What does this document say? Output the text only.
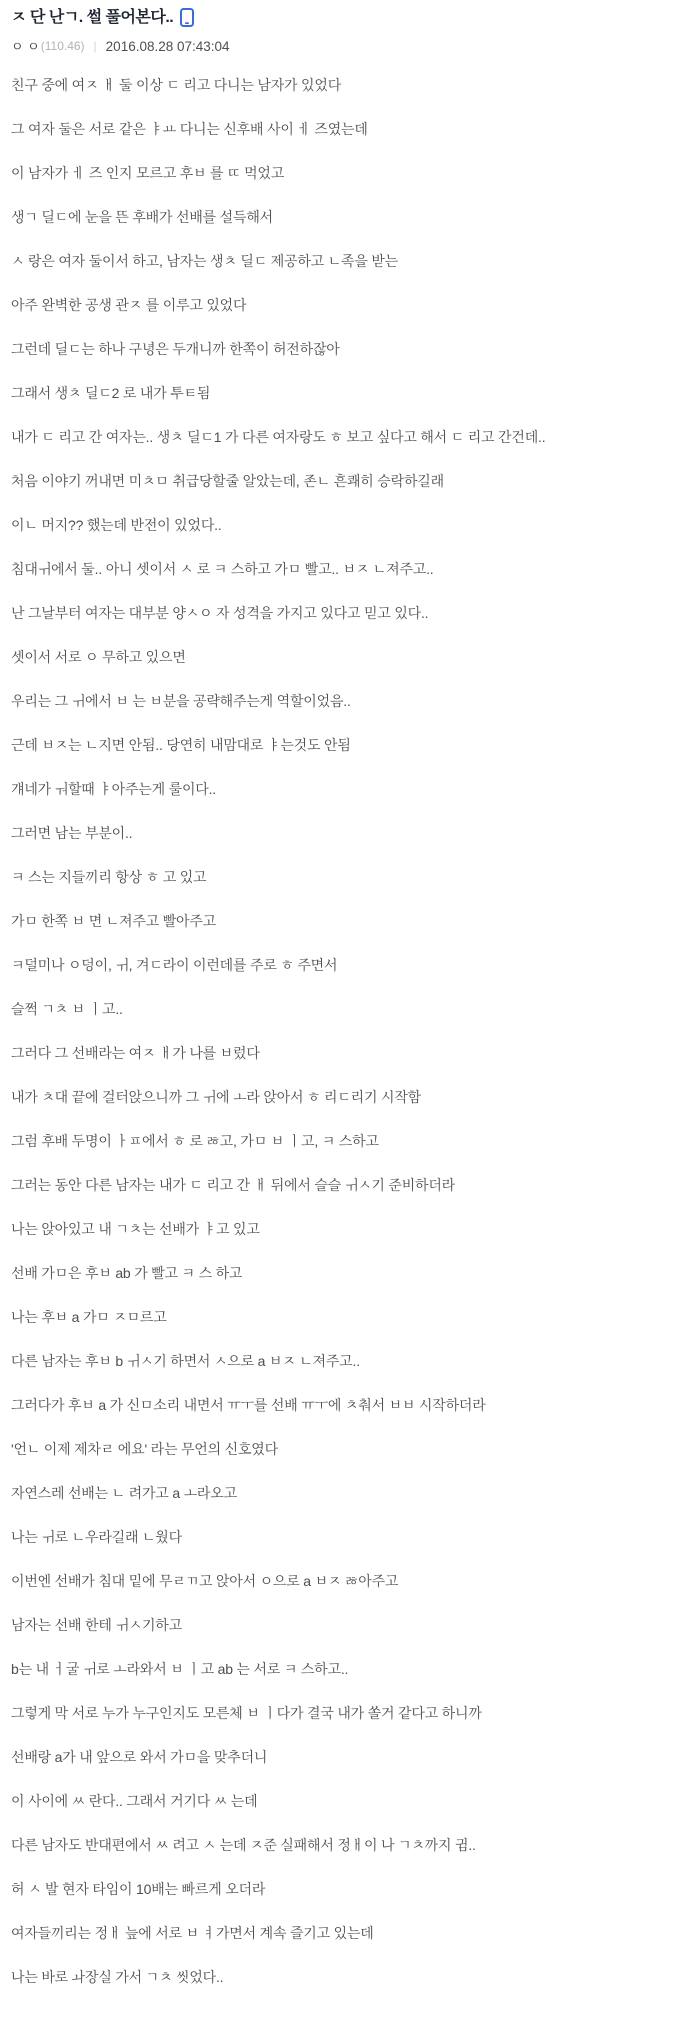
ㅈ 단 난ㄱ. 썰 풀어본다..
ㅇ ㅇ (110.46) | 2016.08.28 07:43:04

친구 중에 여ㅈ ㅐ 둘 이상 ㄷ 리고 다니는 남자가 있었다

그 여자 둘은 서로 같은 ㅑㅛ 다니는 신후배 사이 ㅔ 즈였는데

이 남자가 ㅔ 즈 인지 모르고 후ㅂ 를 ㄸ 먹었고

생ㄱ 딜ㄷ에 눈을 뜬 후배가 선배를 설득해서

ㅅ 랑은 여자 둘이서 하고, 남자는 생ㅊ 딜ㄷ 제공하고 ㄴ족을 받는

아주 완벽한 공생 관ㅈ 를 이루고 있었다

그런데 딜ㄷ는 하나 구녕은 두개니까 한쪽이 허전하잖아

그래서 생ㅊ 딜ㄷ2 로 내가 투ㅌ됨

내가 ㄷ 리고 간 여자는.. 생ㅊ 딜ㄷ1 가 다른 여자랑도 ㅎ 보고 싶다고 해서 ㄷ 리고 간건데..

처음 이야기 꺼내면 미ㅊㅁ 취급당할줄 알았는데, 존ㄴ 흔쾌히 승락하길래

이ㄴ 머지?? 했는데 반전이 있었다..

침대ㅟ에서 둘.. 아니 셋이서 ㅅ 로 ㅋ 스하고 가ㅁ 빨고.. ㅂㅈ ㄴ져주고..

난 그날부터 여자는 대부분 양ㅅㅇ 자 성격을 가지고 있다고 믿고 있다..

셋이서 서로 ㅇ 무하고 있으면

우리는 그 ㅟ에서 ㅂ 는 ㅂ분을 공략해주는게 역할이었음..

근데 ㅂㅈ는 ㄴ지면 안됨.. 당연히 내맘대로 ㅑ는것도 안됨

걔네가 ㅝ할때 ㅑ아주는게 룰이다..

그러면 남는 부분이..

ㅋ 스는 지들끼리 항상 ㅎ 고 있고

가ㅁ 한쪽 ㅂ 면 ㄴ져주고 빨아주고

ㅋ덜미나 ㅇ덩이, ㅟ, 겨ㄷ라이 이런데를 주로 ㅎ 주면서

슬쩍 ㄱㅊ ㅂ ㅣ고..

그러다 그 선배라는 여ㅈ ㅐ가 나를 ㅂ렀다

내가 ㅊ대 끝에 걸터앉으니까 그 ㅟ에 ㅗ라 앉아서 ㅎ 리ㄷ리기 시작함

그럼 후배 두명이 ㅏㅍ에서 ㅎ 로 ㅀ고, 가ㅁ ㅂ ㅣ고, ㅋ 스하고

그러는 동안 다른 남자는 내가 ㄷ 리고 간 ㅐ 뒤에서 슬슬 ㅟㅅ기 준비하더라

나는 앉아있고 내 ㄱㅊ는 선배가 ㅑ고 있고

선배 가ㅁ은 후ㅂ ab 가 빨고 ㅋ 스 하고

나는 후ㅂ a 가ㅁ ㅈㅁ르고

다른 남자는 후ㅂ b ㅟㅅ기 하면서 ㅅ으로 a ㅂㅈ ㄴ져주고..

그러다가 후ㅂ a 가 신ㅁ소리 내면서 ㅠㅜ를 선배 ㅠㅜ에 ㅊ춰서 ㅂㅂ 시작하더라

'언ㄴ 이제 제차ㄹ 에요' 라는 무언의 신호였다

자연스레 선배는 ㄴ 려가고 a ㅗ라오고

나는 ㅟ로 ㄴ우라길래 ㄴ웠다

이번엔 선배가 침대 밑에 무ㄹㄲ고 앉아서 ㅇ으로 a ㅂㅈ ㅀ아주고

남자는 선배 한테 ㅟㅅ기하고

b는 내 ㅓ굴 ㅟ로 ㅗ라와서 ㅂ ㅣ고 ab 는 서로 ㅋ 스하고..

그렇게 막 서로 누가 누구인지도 모른체 ㅂ ㅣ다가 결국 내가 쏠거 같다고 하니까

선배랑 a가 내 앞으로 와서 가ㅁ을 맞추더니

이 사이에 ㅆ 란다.. 그래서 거기다 ㅆ 는데

다른 남자도 반대편에서 ㅆ 려고 ㅅ 는데 ㅈ준 실패해서 정ㅐ이 나 ㄱㅊ까지 귐..

허 ㅅ 발 현자 타임이 10배는 빠르게 오더라

여자들끼리는 정ㅐ 늪에 서로 ㅂ ㅕ가면서 계속 즐기고 있는데

나는 바로 ㅘ장실 가서 ㄱㅊ 씻었다..
